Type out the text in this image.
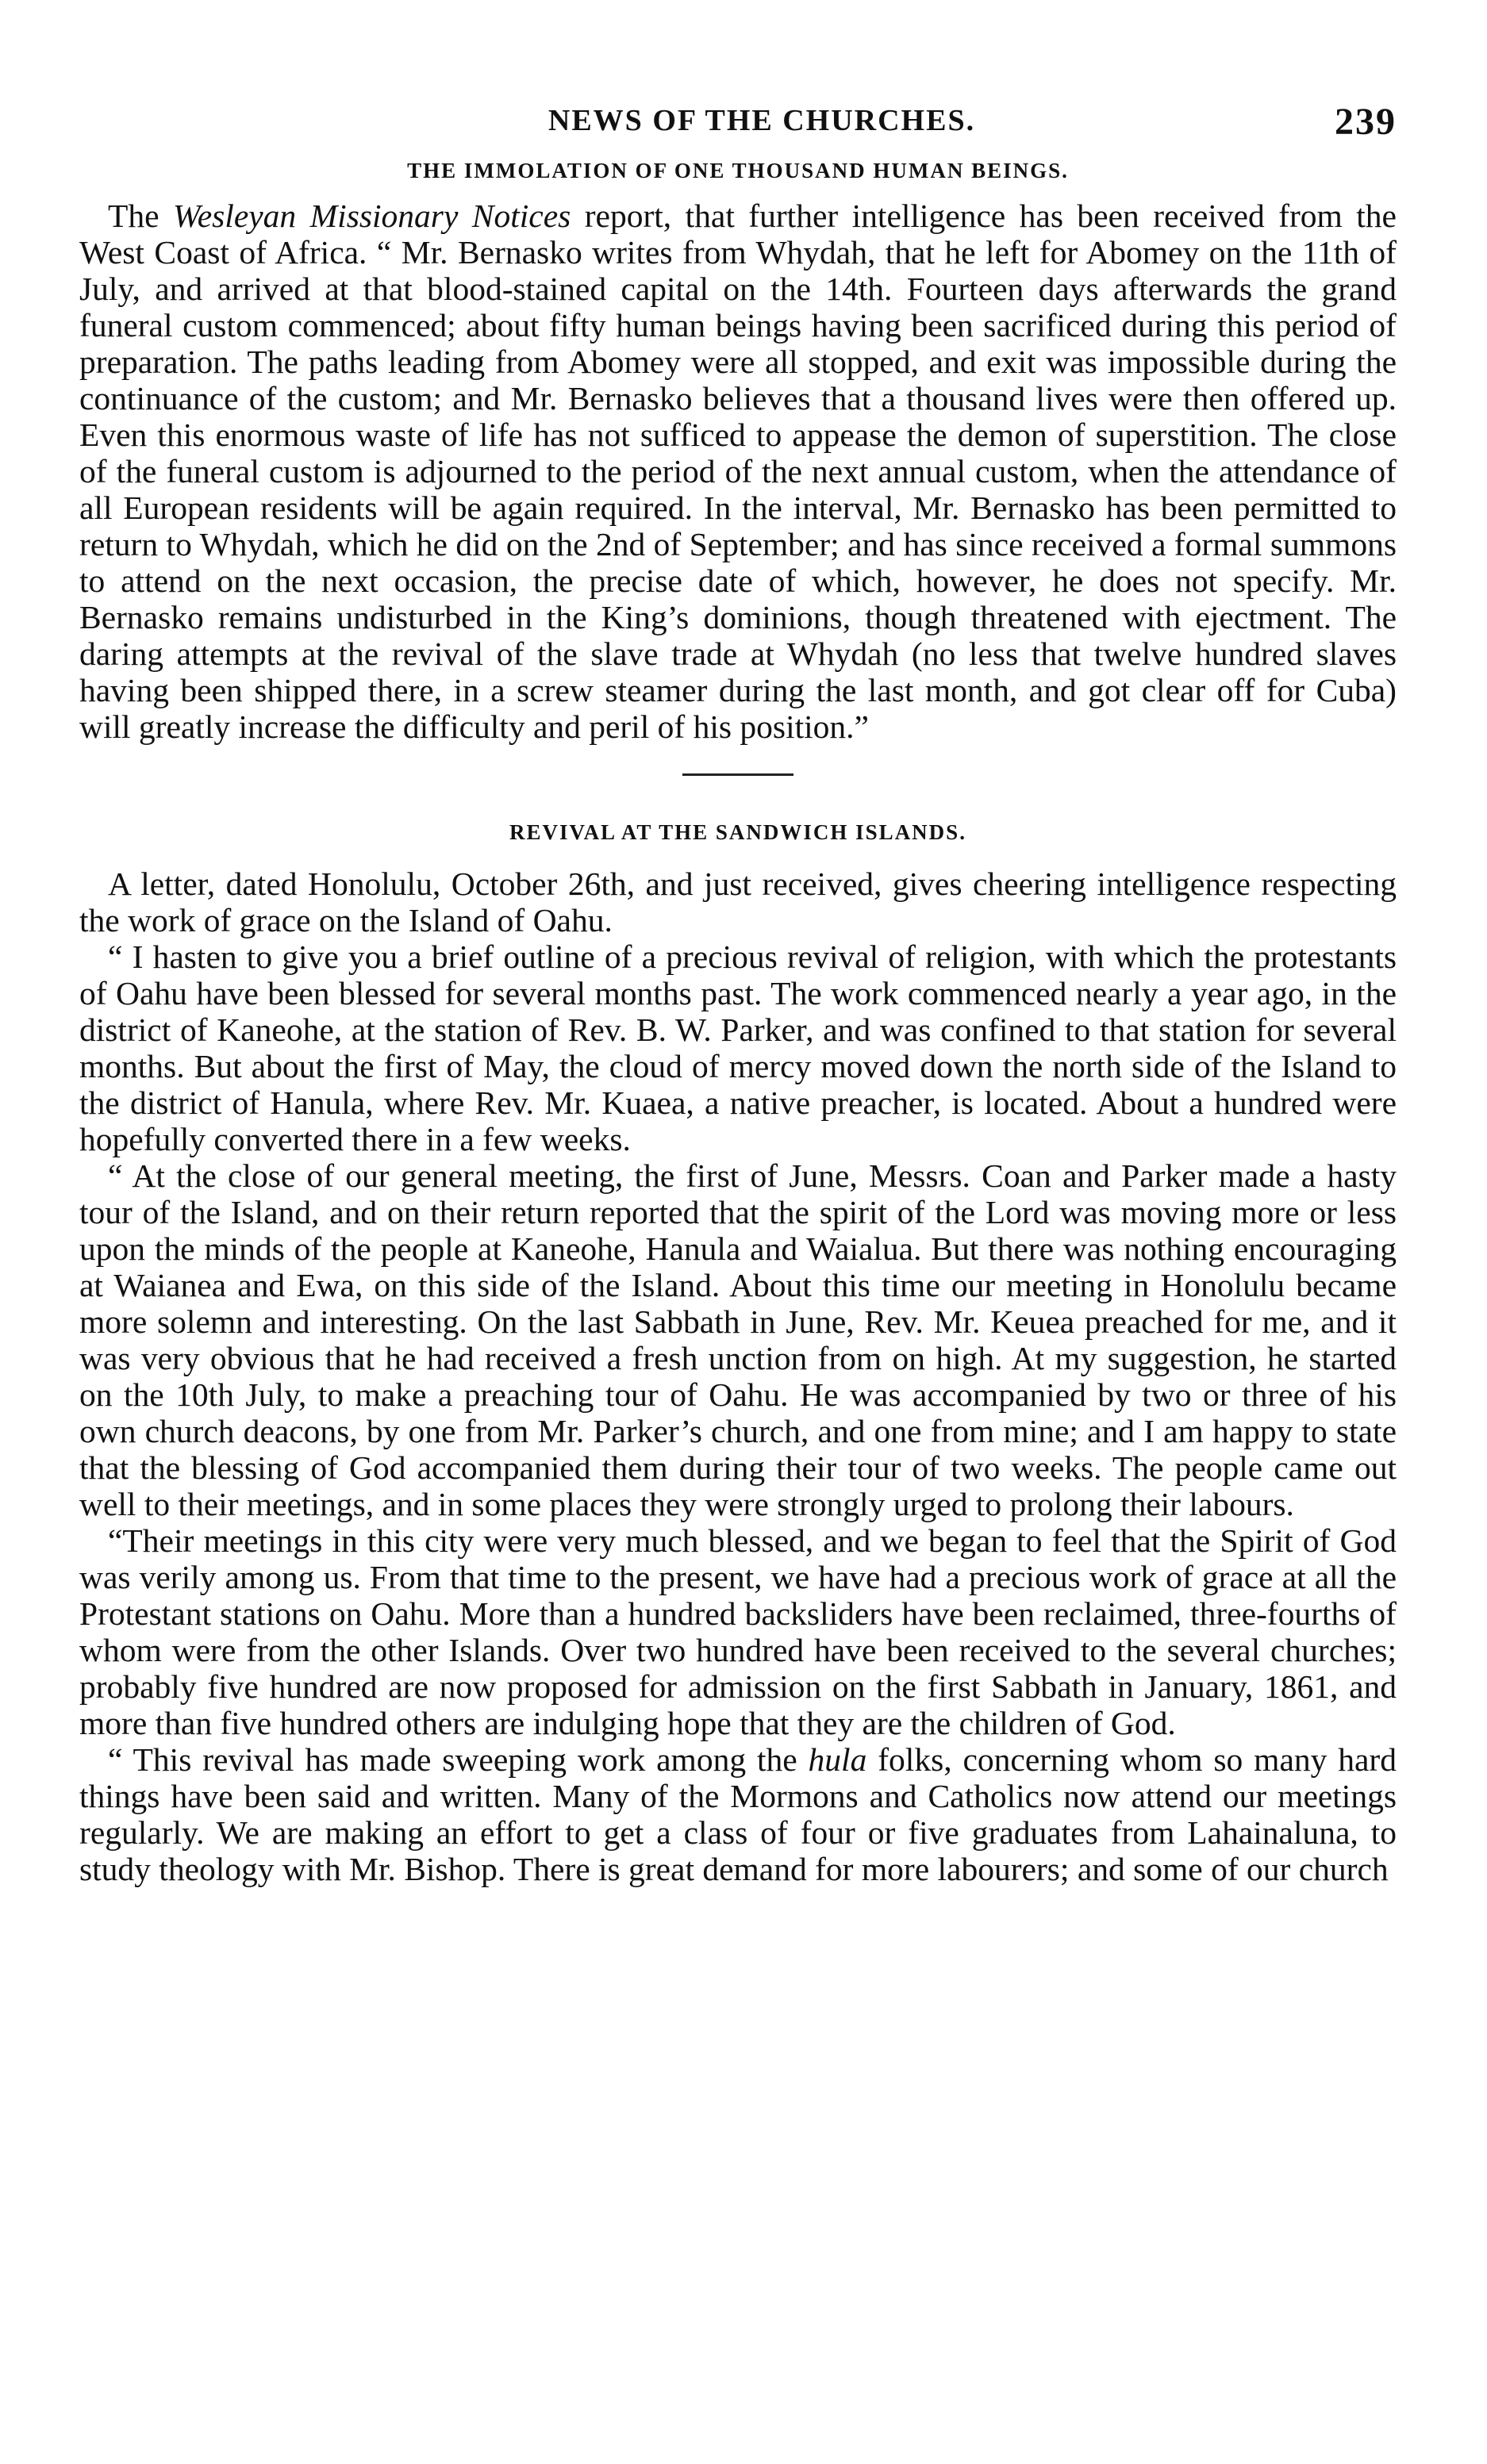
NEWS OF THE CHURCHES.	239
THE IMMOLATION OF ONE THOUSAND HUMAN BEINGS.

The Wesleyan Missionary Notices report, that further intelligence has been received from the West Coast of Africa. “ Mr. Bernasko writes from Whydah, that he left for Abomey on the 11th of July, and arrived at that blood-stained capital on the 14th. Fourteen days afterwards the grand funeral custom commenced; about fifty human beings having been sacrificed during this period of preparation. The paths leading from Abomey were all stopped, and exit was impossible during the continuance of the custom; and Mr. Bernasko believes that a thousand lives were then offered up. Even this enormous waste of life has not sufficed to appease the demon of superstition. The close of the funeral custom is adjourned to the period of the next annual custom, when the attendance of all European residents will be again required. In the interval, Mr. Bernasko has been permitted to return to Whydah, which he did on the 2nd of September; and has since received a formal summons to attend on the next occasion, the precise date of which, however, he does not specify. Mr. Bernasko remains undisturbed in the King’s dominions, though threatened with ejectment. The daring attempts at the revival of the slave trade at Whydah (no less that twelve hundred slaves having been shipped there, in a screw steamer during the last month, and got clear off for Cuba) will greatly increase the difficulty and peril of his position.”

REVIVAL AT THE SANDWICH ISLANDS.

A letter, dated Honolulu, October 26th, and just received, gives cheering intelligence respecting the work of grace on the Island of Oahu.

“ I hasten to give you a brief outline of a precious revival of religion, with which the protestants of Oahu have been blessed for several months past. The work commenced nearly a year ago, in the district of Kaneohe, at the station of Rev. B. W. Parker, and was confined to that station for several months. But about the first of May, the cloud of mercy moved down the north side of the Island to the district of Hanula, where Rev. Mr. Kuaea, a native preacher, is located. About a hundred were hopefully converted there in a few weeks.

“ At the close of our general meeting, the first of June, Messrs. Coan and Parker made a hasty tour of the Island, and on their return reported that the spirit of the Lord was moving more or less upon the minds of the people at Kaneohe, Hanula and Waialua. But there was nothing encouraging at Waianea and Ewa, on this side of the Island. About this time our meeting in Honolulu became more solemn and interesting. On the last Sabbath in June, Rev. Mr. Keuea preached for me, and it was very obvious that he had received a fresh unction from on high. At my suggestion, he started on the 10th July, to make a preaching tour of Oahu. He was accompanied by two or three of his own church deacons, by one from Mr. Parker’s church, and one from mine; and I am happy to state that the blessing of God accompanied them during their tour of two weeks. The people came out well to their meetings, and in some places they were strongly urged to prolong their labours.

“Their meetings in this city were very much blessed, and we began to feel that the Spirit of God was verily among us. From that time to the present, we have had a precious work of grace at all the Protestant stations on Oahu. More than a hundred backsliders have been reclaimed, three-fourths of whom were from the other Islands. Over two hundred have been received to the several churches; probably five hundred are now proposed for admission on the first Sabbath in January, 1861, and more than five hundred others are indulging hope that they are the children of God.

“ This revival has made sweeping work among the hula folks, concerning whom so many hard things have been said and written. Many of the Mormons and Catholics now attend our meetings regularly. We are making an effort to get a class of four or five graduates from Lahainaluna, to study theology with Mr. Bishop. There is great demand for more labourers; and some of our church
